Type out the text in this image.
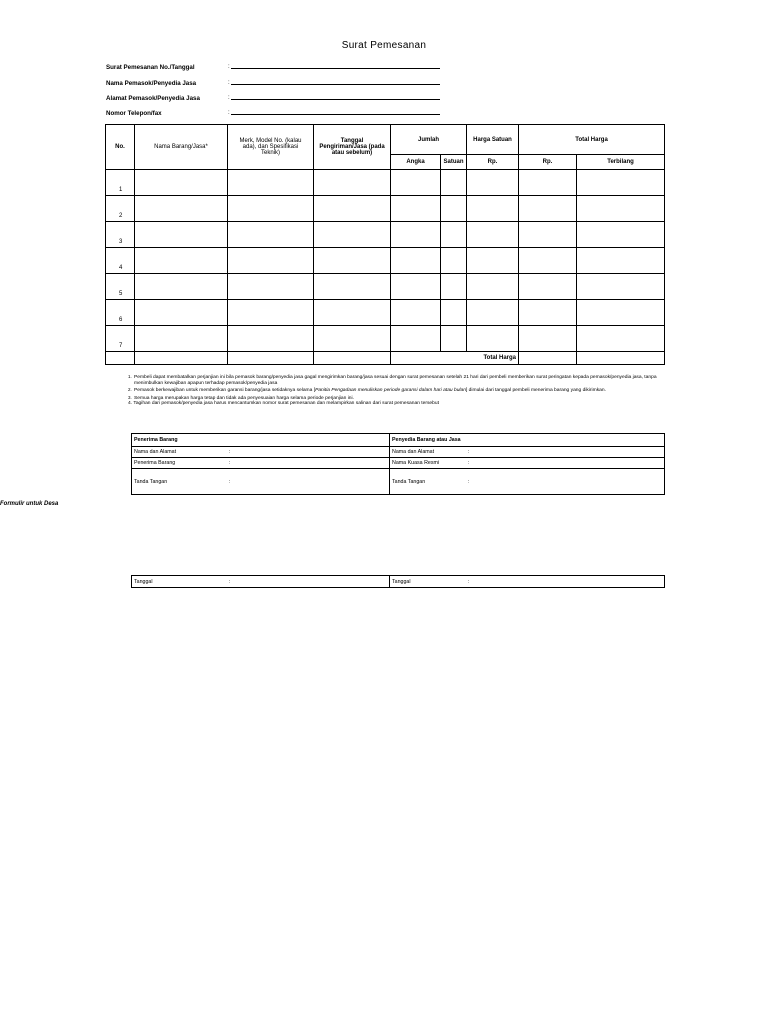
Surat Pemesanan
Surat Pemesanan No./Tanggal	:
Nama Pemasok/Penyedia Jasa	:
Alamat Pemasok/Penyedia Jasa	:
Nomor Telepon/fax	:
No.	Nama Barang/Jasa*	Merk, Model No. (kalau ada), dan Spesifikasi Teknik)	Tanggal Pengiriman/Jasa (pada atau sebelum)	Jumlah		Harga Satuan	Total Harga	
				Angka	Satuan	Rp.	Rp.	Terbilang
1								
2								
3								
4								
5								
6								
7								
				Total Harga				
1. Pembeli dapat membatalkan perjanjian ini bila pemasok barang/penyedia jasa gagal mengirimkan barang/jasa sesuai dengan surat pemesanan setelah 21 hari dari pembeli memberikan surat peringatan kepada pemasok/penyedia jasa, tanpa menimbulkan kewajiban apapun terhadap pemasok/penyedia jasa
2. Pemasok berkewajiban untuk memberikan garansi barang/jasa setidaknya selama [Panitia Pengadaan menuliskan periode garansi dalam hari atau bulan] dimulai dari tanggal pembeli menerima barang yang dikirimkan.
3. Semua harga merupakan harga tetap dan tidak ada penyesuaian harga selama periode perjanjian ini.
4. Tagihan dari pemasok/penyedia jasa harus mencantumkan nomor surat pemesanan dan melampirkan salinan dari surat pemesanan tersebut
Penerima Barang	Penyedia Barang atau Jasa
Nama dan Alamat :	Nama dan Alamat :
Penerima Barang :	Nama Kuasa Resmi :
Tanda Tangan :	Tanda Tangan :
Formulir untuk Desa
Tanggal	:	Tanggal	:
